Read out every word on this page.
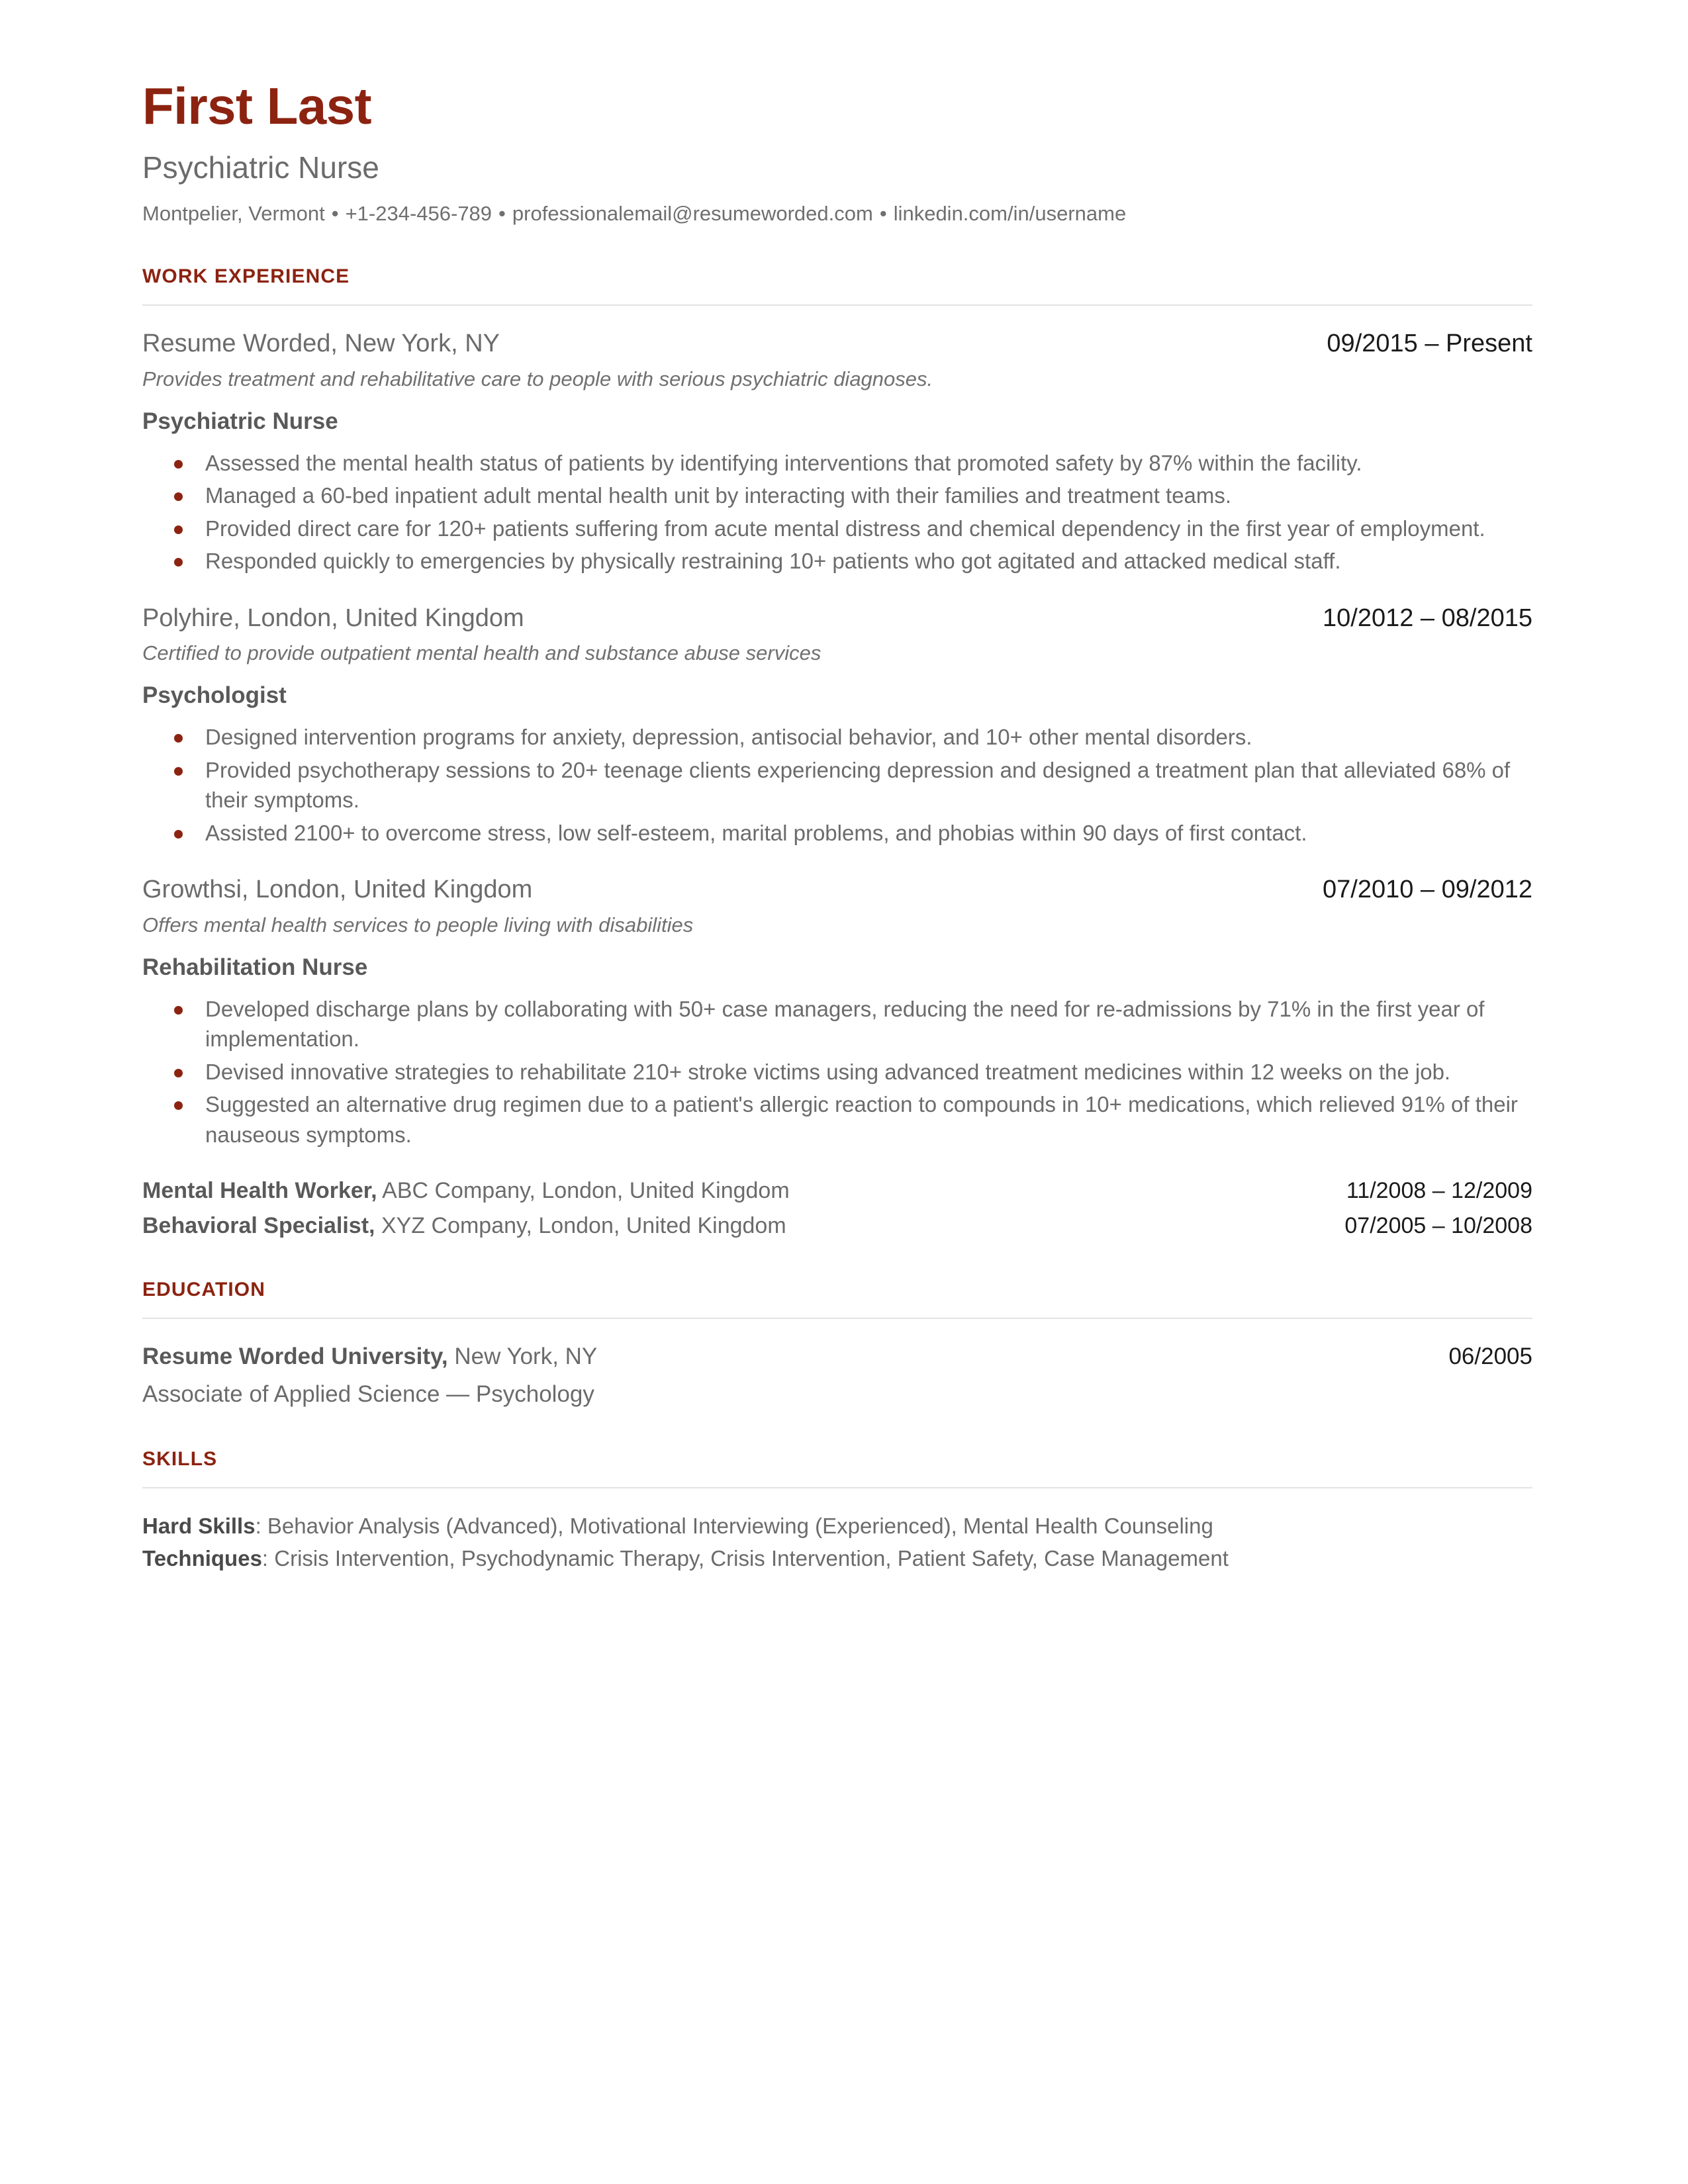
First Last
Psychiatric Nurse
Montpelier, Vermont • +1-234-456-789 • professionalemail@resumeworded.com • linkedin.com/in/username
WORK EXPERIENCE
Resume Worded, New York, NY	09/2015 – Present
Provides treatment and rehabilitative care to people with serious psychiatric diagnoses.
Psychiatric Nurse
Assessed the mental health status of patients by identifying interventions that promoted safety by 87% within the facility.
Managed a 60-bed inpatient adult mental health unit by interacting with their families and treatment teams.
Provided direct care for 120+ patients suffering from acute mental distress and chemical dependency in the first year of employment.
Responded quickly to emergencies by physically restraining 10+ patients who got agitated and attacked medical staff.
Polyhire, London, United Kingdom	10/2012 – 08/2015
Certified to provide outpatient mental health and substance abuse services
Psychologist
Designed intervention programs for anxiety, depression, antisocial behavior, and 10+ other mental disorders.
Provided psychotherapy sessions to 20+ teenage clients experiencing depression and designed a treatment plan that alleviated 68% of their symptoms.
Assisted 2100+ to overcome stress, low self-esteem, marital problems, and phobias within 90 days of first contact.
Growthsi, London, United Kingdom	07/2010 – 09/2012
Offers mental health services to people living with disabilities
Rehabilitation Nurse
Developed discharge plans by collaborating with 50+ case managers, reducing the need for re-admissions by 71% in the first year of implementation.
Devised innovative strategies to rehabilitate 210+ stroke victims using advanced treatment medicines within 12 weeks on the job.
Suggested an alternative drug regimen due to a patient's allergic reaction to compounds in 10+ medications, which relieved 91% of their nauseous symptoms.
Mental Health Worker, ABC Company, London, United Kingdom	11/2008 – 12/2009
Behavioral Specialist, XYZ Company, London, United Kingdom	07/2005 – 10/2008
EDUCATION
Resume Worded University, New York, NY	06/2005
Associate of Applied Science — Psychology
SKILLS
Hard Skills: Behavior Analysis (Advanced), Motivational Interviewing (Experienced), Mental Health Counseling
Techniques: Crisis Intervention, Psychodynamic Therapy, Crisis Intervention, Patient Safety, Case Management
